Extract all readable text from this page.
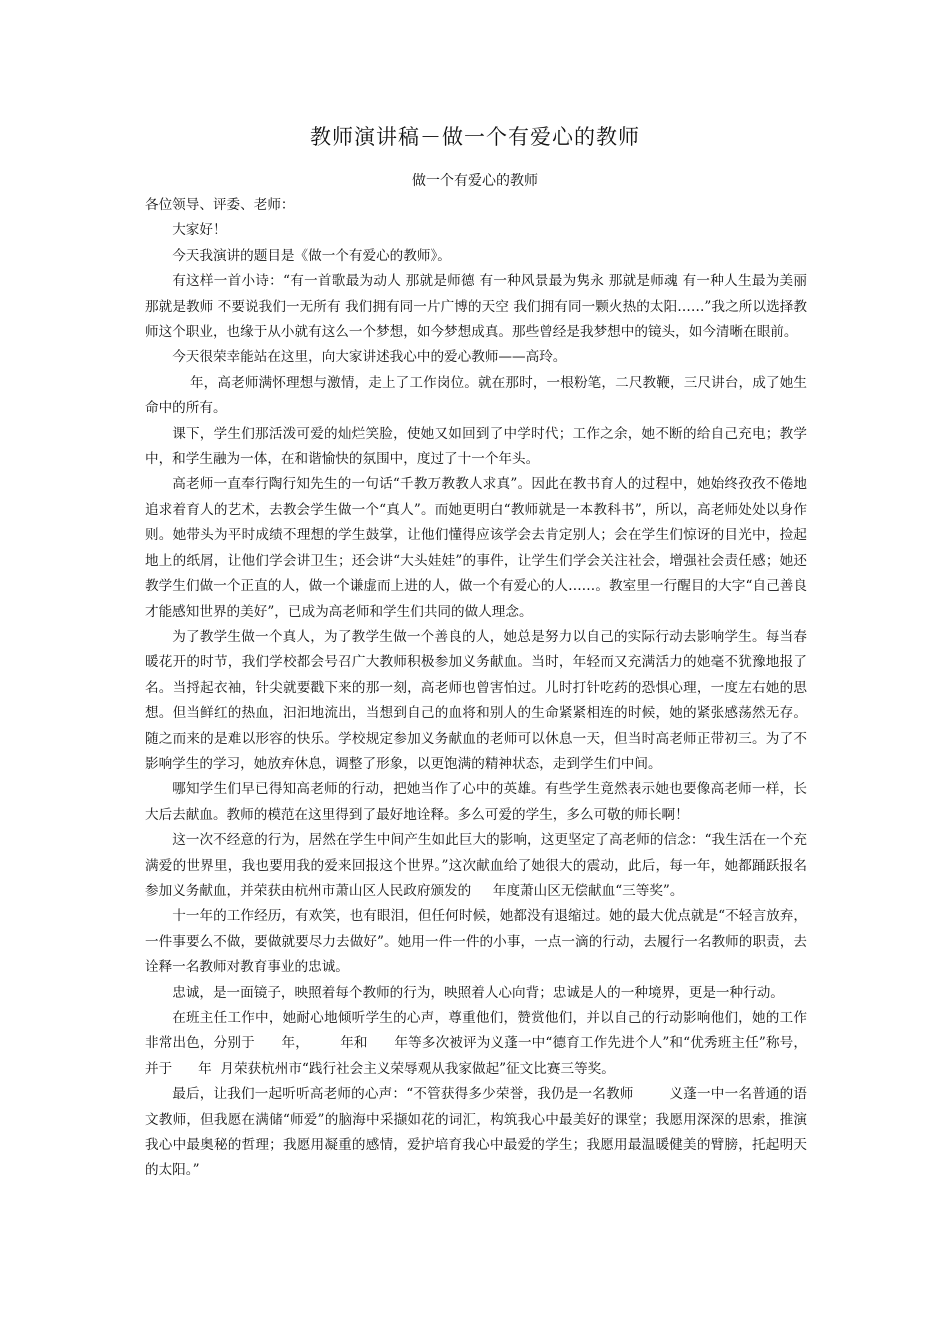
教师演讲稿－做一个有爱心的教师
做一个有爱心的教师

各位领导、评委、老师：

大家好！

今天我演讲的题目是《做一个有爱心的教师》。

有这样一首小诗：“有一首歌最为动人 那就是师德 有一种风景最为隽永 那就是师魂 有一种人生最为美丽 那就是教师 不要说我们一无所有 我们拥有同一片广博的天空 我们拥有同一颗火热的太阳……”我之所以选择教师这个职业，也缘于从小就有这么一个梦想，如今梦想成真。那些曾经是我梦想中的镜头，如今清晰在眼前。

今天很荣幸能站在这里，向大家讲述我心中的爱心教师——高玲。

年，高老师满怀理想与激情，走上了工作岗位。就在那时，一根粉笔，二尺教鞭，三尺讲台，成了她生命中的所有。

课下，学生们那活泼可爱的灿烂笑脸，使她又如回到了中学时代；工作之余，她不断的给自己充电；教学中，和学生融为一体，在和谐愉快的氛围中，度过了十一个年头。

高老师一直奉行陶行知先生的一句话“千教万教教人求真”。因此在教书育人的过程中，她始终孜孜不倦地追求着育人的艺术，去教会学生做一个“真人”。而她更明白“教师就是一本教科书”，所以，高老师处处以身作则。她带头为平时成绩不理想的学生鼓掌，让他们懂得应该学会去肯定别人；会在学生们惊讶的目光中，捡起地上的纸屑，让他们学会讲卫生；还会讲“大头娃娃”的事件，让学生们学会关注社会，增强社会责任感；她还教学生们做一个正直的人，做一个谦虚而上进的人，做一个有爱心的人……。教室里一行醒目的大字“自己善良才能感知世界的美好”，已成为高老师和学生们共同的做人理念。

为了教学生做一个真人，为了教学生做一个善良的人，她总是努力以自己的实际行动去影响学生。每当春暖花开的时节，我们学校都会号召广大教师积极参加义务献血。当时，年轻而又充满活力的她毫不犹豫地报了名。当捋起衣袖，针尖就要戳下来的那一刻，高老师也曾害怕过。儿时打针吃药的恐惧心理，一度左右她的思想。但当鲜红的热血，汩汩地流出，当想到自己的血将和别人的生命紧紧相连的时候，她的紧张感荡然无存。随之而来的是难以形容的快乐。学校规定参加义务献血的老师可以休息一天，但当时高老师正带初三。为了不影响学生的学习，她放弃休息，调整了形象，以更饱满的精神状态，走到学生们中间。

哪知学生们早已得知高老师的行动，把她当作了心中的英雄。有些学生竟然表示她也要像高老师一样，长大后去献血。教师的模范在这里得到了最好地诠释。多么可爱的学生，多么可敬的师长啊！

这一次不经意的行为，居然在学生中间产生如此巨大的影响，这更坚定了高老师的信念：“我生活在一个充满爱的世界里，我也要用我的爱来回报这个世界。”这次献血给了她很大的震动，此后，每一年，她都踊跃报名参加义务献血，并荣获由杭州市萧山区人民政府颁发的     年度萧山区无偿献血“三等奖”。

十一年的工作经历，有欢笑，也有眼泪，但任何时候，她都没有退缩过。她的最大优点就是“不轻言放弃，一件事要么不做，要做就要尽力去做好”。她用一件一件的小事，一点一滴的行动，去履行一名教师的职责，去诠释一名教师对教育事业的忠诚。

忠诚，是一面镜子，映照着每个教师的行为，映照着人心向背；忠诚是人的一种境界，更是一种行动。

在班主任工作中，她耐心地倾听学生的心声，尊重他们，赞赏他们，并以自己的行动影响他们，她的工作非常出色，分别于      年，       年和      年等多次被评为义蓬一中“德育工作先进个人”和“优秀班主任”称号，并于      年  月荣获杭州市“践行社会主义荣辱观从我家做起”征文比赛三等奖。

最后，让我们一起听听高老师的心声：“不管获得多少荣誉，我仍是一名教师        义蓬一中一名普通的语文教师，但我愿在满储“师爱”的脑海中采撷如花的词汇，构筑我心中最美好的课堂；我愿用深深的思索，推演我心中最奥秘的哲理；我愿用凝重的感情，爱护培育我心中最爱的学生；我愿用最温暖健美的臂膀，托起明天的太阳。”
